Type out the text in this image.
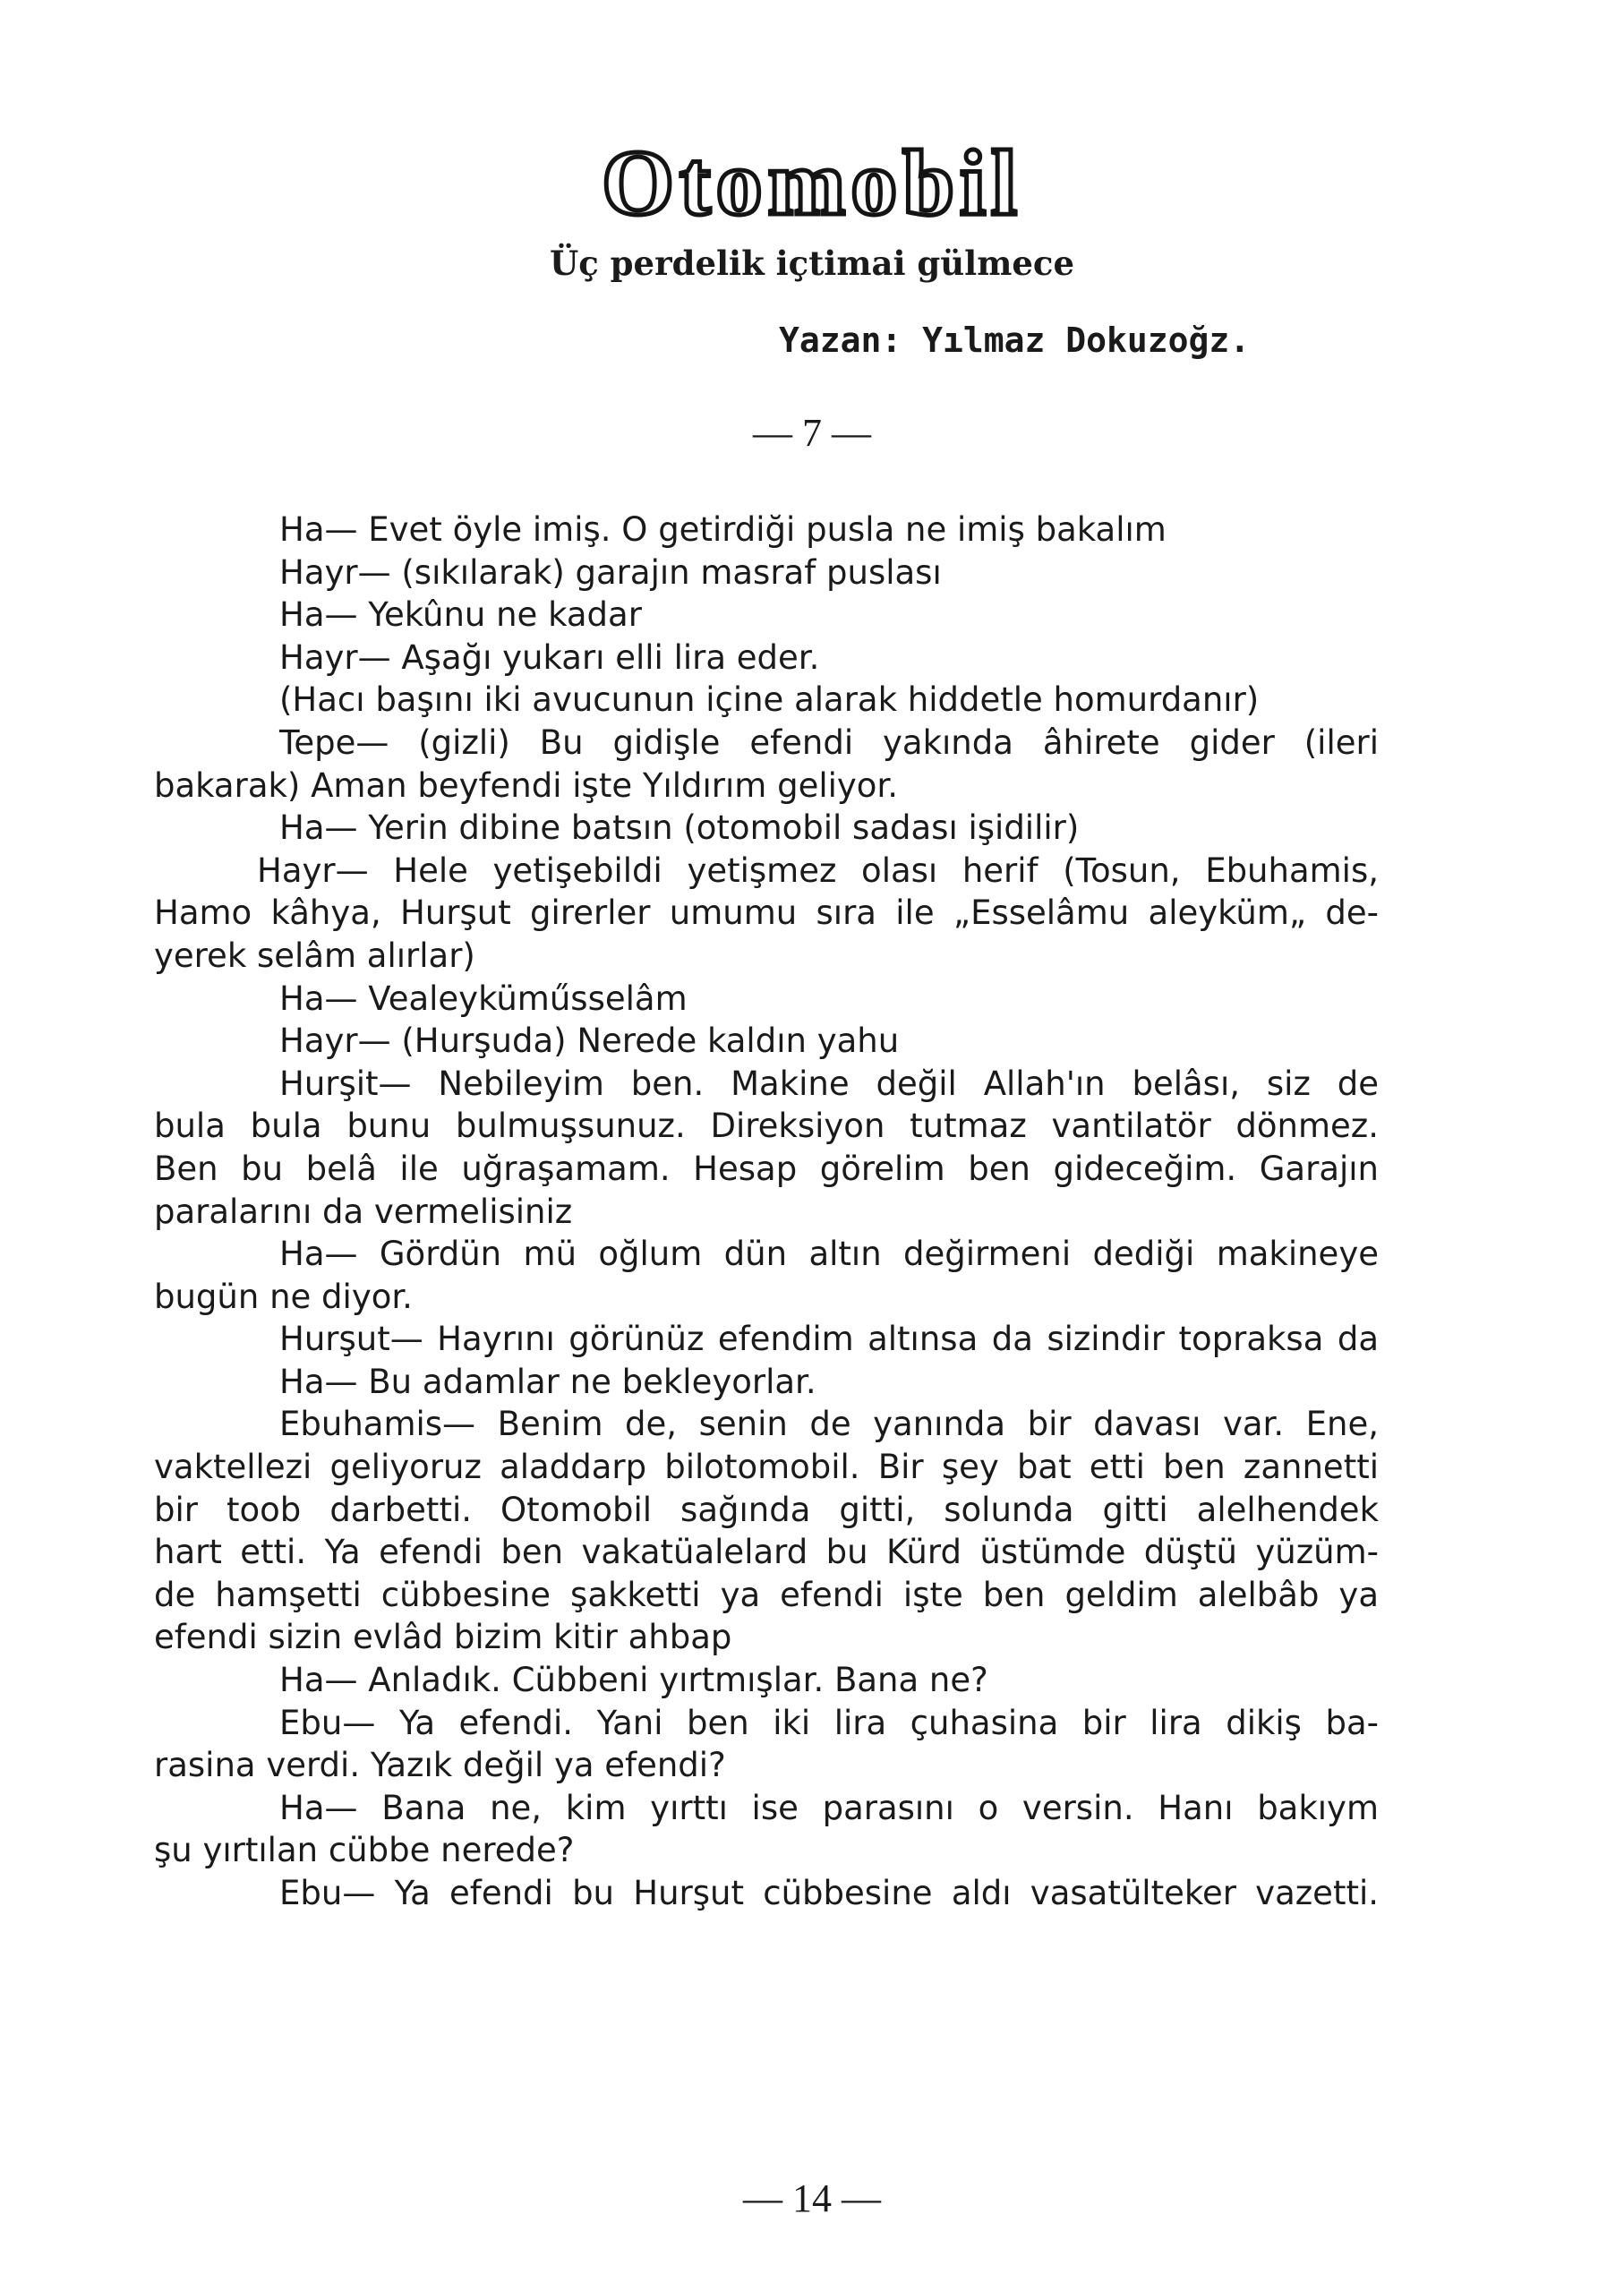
Otomobil
Üç perdelik içtimai gülmece
Yazan: Yılmaz Dokuzoğz.
— 7 —
Ha— Evet öyle imiş. O getirdiği pusla ne imiş bakalım
Hayr— (sıkılarak) garajın masraf puslası
Ha— Yekûnu ne kadar
Hayr— Aşağı yukarı elli lira eder.
(Hacı başını iki avucunun içine alarak hiddetle homurdanır)
Tepe— (gizli) Bu gidişle efendi yakında âhirete gider (ileri
bakarak) Aman beyfendi işte Yıldırım geliyor.
Ha— Yerin dibine batsın (otomobil sadası işidilir)
Hayr— Hele yetişebildi yetişmez olası herif (Tosun, Ebuhamis,
Hamo kâhya, Hurşut girerler umumu sıra ile „Esselâmu aleyküm„ de-
yerek selâm alırlar)
Ha— Vealeyküműsselâm
Hayr— (Hurşuda) Nerede kaldın yahu
Hurşit— Nebileyim ben. Makine değil Allah'ın belâsı, siz de
bula bula bunu bulmuşsunuz. Direksiyon tutmaz vantilatör dönmez.
Ben bu belâ ile uğraşamam. Hesap görelim ben gideceğim. Garajın
paralarını da vermelisiniz
Ha— Gördün mü oğlum dün altın değirmeni dediği makineye
bugün ne diyor.
Hurşut— Hayrını görünüz efendim altınsa da sizindir topraksa da
Ha— Bu adamlar ne bekleyorlar.
Ebuhamis— Benim de, senin de yanında bir davası var. Ene,
vaktellezi geliyoruz aladdarp bilotomobil. Bir şey bat etti ben zannetti
bir toob darbetti. Otomobil sağında gitti, solunda gitti alelhendek
hart etti. Ya efendi ben vakatüalelard bu Kürd üstümde düştü yüzüm-
de hamşetti cübbesine şakketti ya efendi işte ben geldim alelbâb ya
efendi sizin evlâd bizim kitir ahbap
Ha— Anladık. Cübbeni yırtmışlar. Bana ne?
Ebu— Ya efendi. Yani ben iki lira çuhasina bir lira dikiş ba-
rasina verdi. Yazık değil ya efendi?
Ha— Bana ne, kim yırttı ise parasını o versin. Hanı bakıym
şu yırtılan cübbe nerede?
Ebu— Ya efendi bu Hurşut cübbesine aldı vasatülteker vazetti.
— 14 —
